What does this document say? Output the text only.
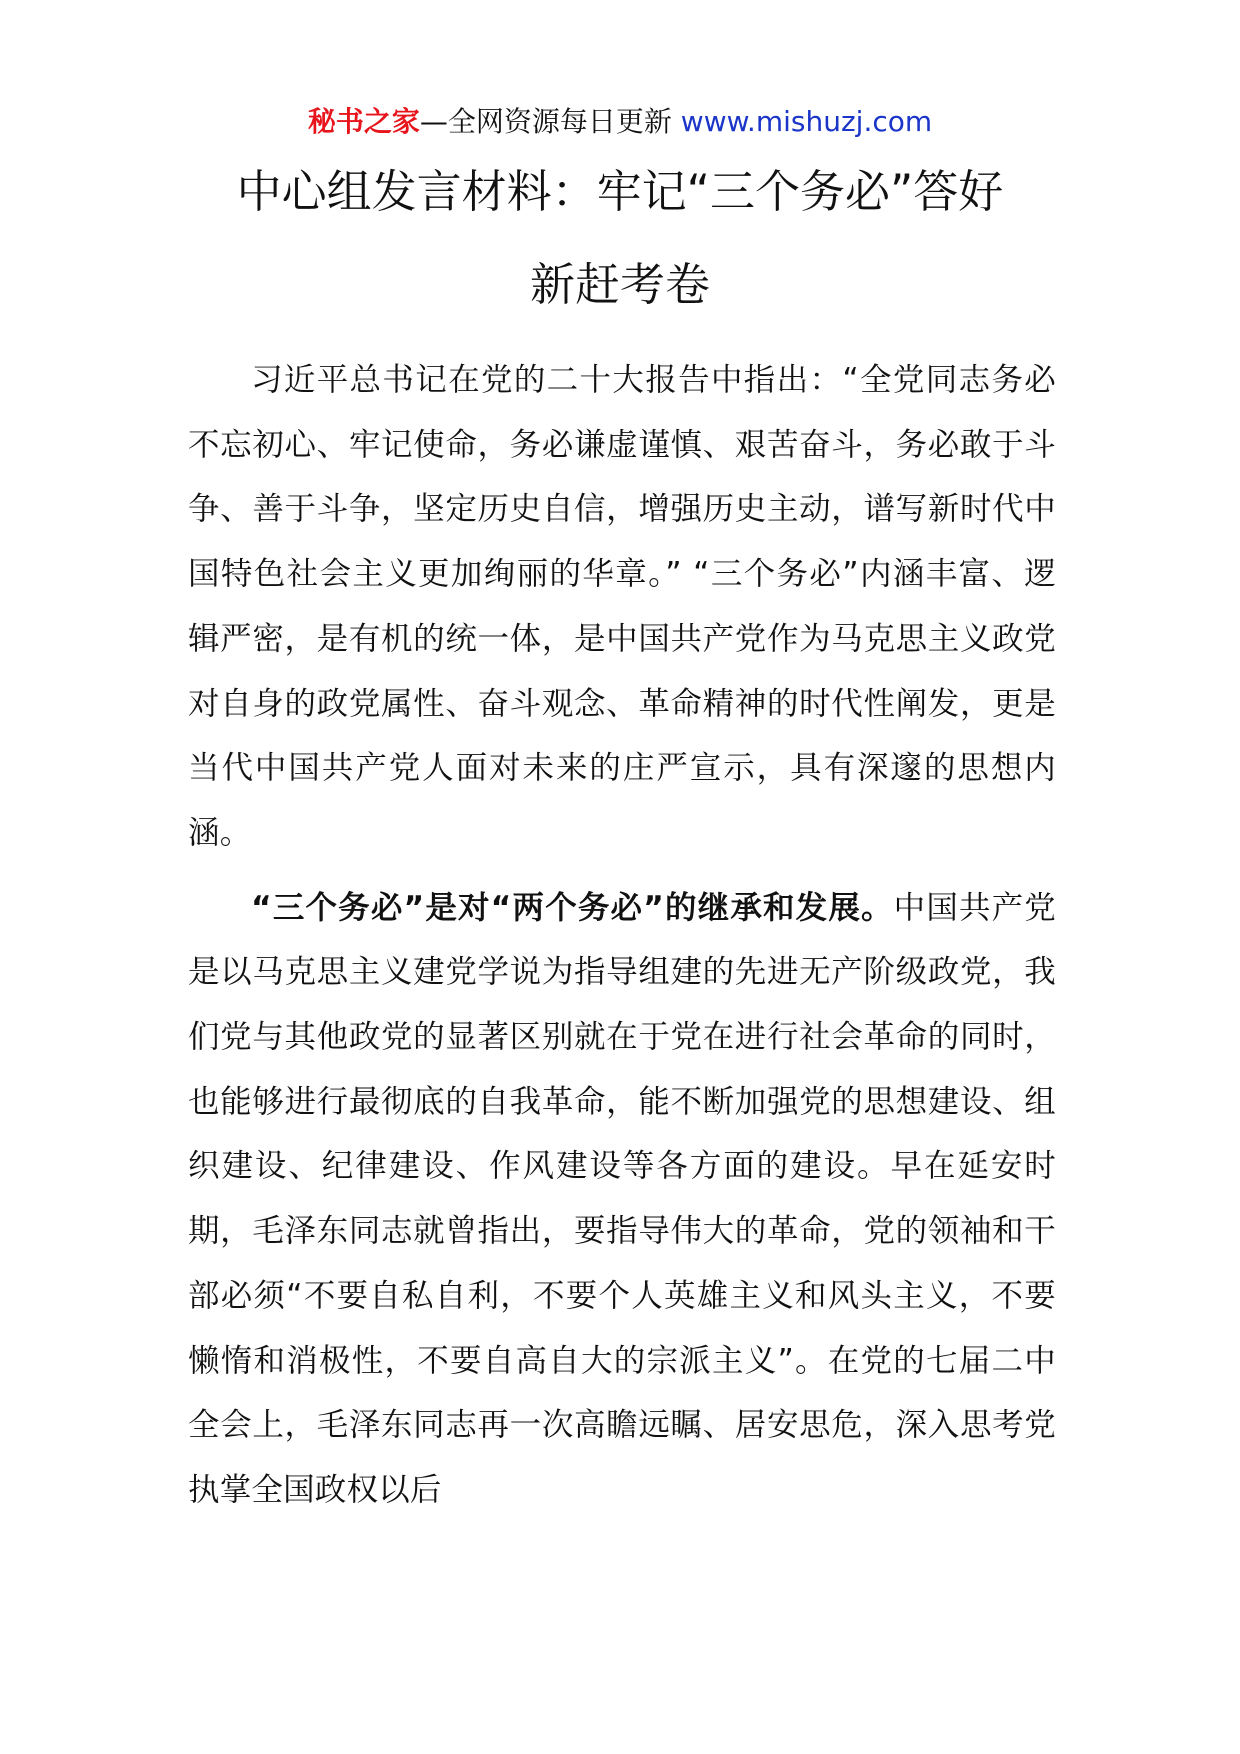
秘书之家—全网资源每日更新 www.mishuzj.com
中心组发言材料：牢记“三个务必”答好
新赶考卷

习近平总书记在党的二十大报告中指出：“全党同志务必不忘初心、牢记使命，务必谦虚谨慎、艰苦奋斗，务必敢于斗争、善于斗争，坚定历史自信，增强历史主动，谱写新时代中国特色社会主义更加绚丽的华章。” “三个务必”内涵丰富、逻辑严密，是有机的统一体，是中国共产党作为马克思主义政党对自身的政党属性、奋斗观念、革命精神的时代性阐发，更是当代中国共产党人面对未来的庄严宣示，具有深邃的思想内涵。

“三个务必”是对“两个务必”的继承和发展。中国共产党是以马克思主义建党学说为指导组建的先进无产阶级政党，我们党与其他政党的显著区别就在于党在进行社会革命的同时，也能够进行最彻底的自我革命，能不断加强党的思想建设、组织建设、纪律建设、作风建设等各方面的建设。早在延安时期，毛泽东同志就曾指出，要指导伟大的革命，党的领袖和干部必须“不要自私自利，不要个人英雄主义和风头主义，不要懒惰和消极性，不要自高自大的宗派主义”。在党的七届二中全会上，毛泽东同志再一次高瞻远瞩、居安思危，深入思考党执掌全国政权以后
